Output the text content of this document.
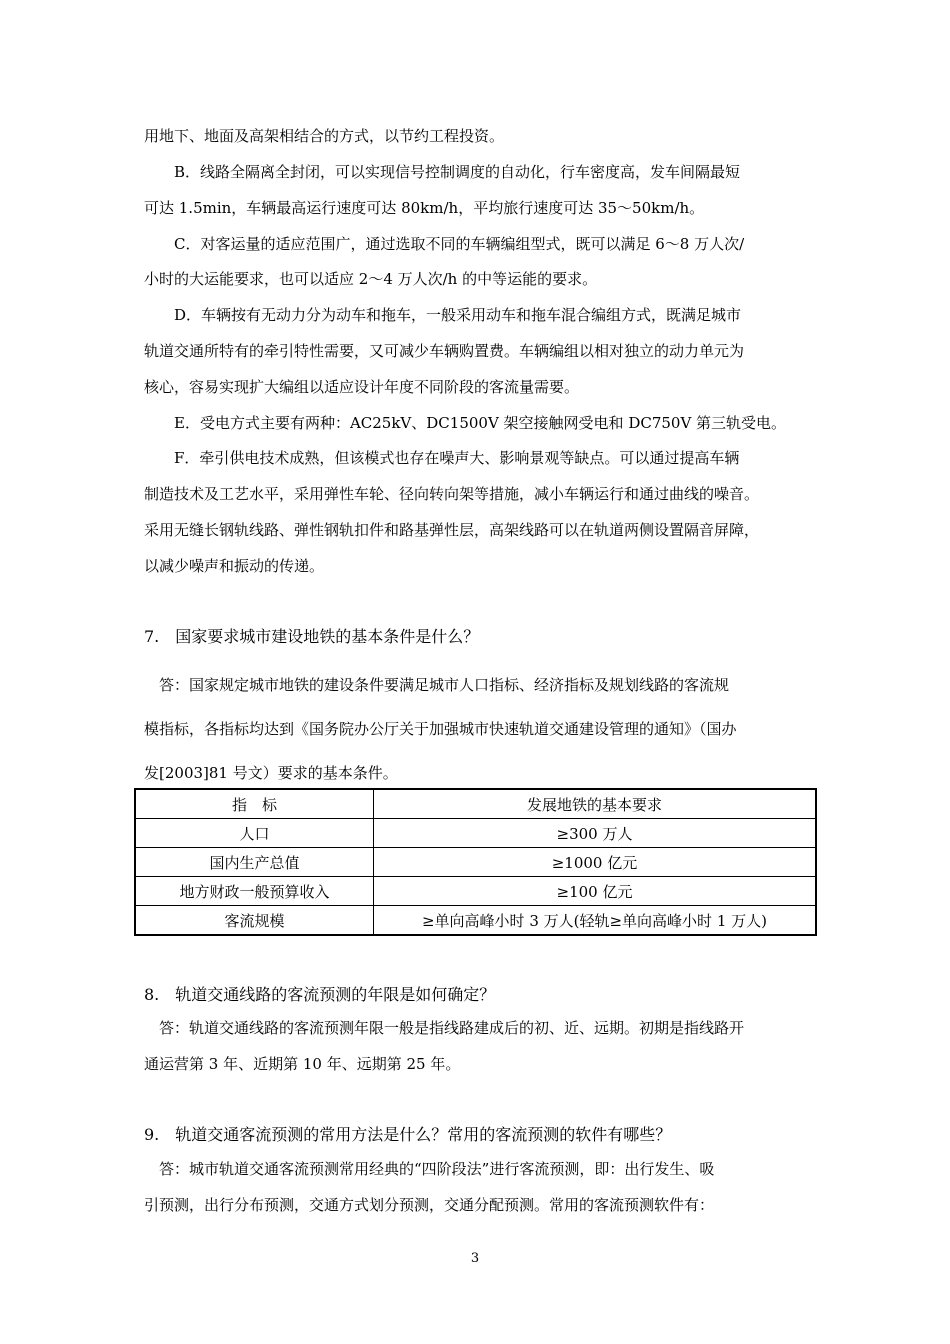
用地下、地面及高架相结合的方式，以节约工程投资。
　　B．线路全隔离全封闭，可以实现信号控制调度的自动化，行车密度高，发车间隔最短
可达 1.5min，车辆最高运行速度可达 80km/h，平均旅行速度可达 35～50km/h。
　　C．对客运量的适应范围广，通过选取不同的车辆编组型式，既可以满足 6～8 万人次/
小时的大运能要求，也可以适应 2～4 万人次/h 的中等运能的要求。
　　D．车辆按有无动力分为动车和拖车，一般采用动车和拖车混合编组方式，既满足城市
轨道交通所特有的牵引特性需要，又可减少车辆购置费。车辆编组以相对独立的动力单元为
核心，容易实现扩大编组以适应设计年度不同阶段的客流量需要。
　　E．受电方式主要有两种：AC25kV、DC1500V 架空接触网受电和 DC750V 第三轨受电。
　　F．牵引供电技术成熟，但该模式也存在噪声大、影响景观等缺点。可以通过提高车辆
制造技术及工艺水平，采用弹性车轮、径向转向架等措施，减小车辆运行和通过曲线的噪音。
采用无缝长钢轨线路、弹性钢轨扣件和路基弹性层，高架线路可以在轨道两侧设置隔音屏障，
以减少噪声和振动的传递。
7.　国家要求城市建设地铁的基本条件是什么？
　答：国家规定城市地铁的建设条件要满足城市人口指标、经济指标及规划线路的客流规
模指标，各指标均达到《国务院办公厅关于加强城市快速轨道交通建设管理的通知》（国办
发[2003]81 号文）要求的基本条件。
指　标	发展地铁的基本要求
人口	≥300 万人
国内生产总值	≥1000 亿元
地方财政一般预算收入	≥100 亿元
客流规模	≥单向高峰小时 3 万人(轻轨≥单向高峰小时 1 万人)
8.　轨道交通线路的客流预测的年限是如何确定？
　答：轨道交通线路的客流预测年限一般是指线路建成后的初、近、远期。初期是指线路开
通运营第 3 年、近期第 10 年、远期第 25 年。
9.　轨道交通客流预测的常用方法是什么？常用的客流预测的软件有哪些？
　答：城市轨道交通客流预测常用经典的“四阶段法”进行客流预测，即：出行发生、吸
引预测，出行分布预测，交通方式划分预测，交通分配预测。常用的客流预测软件有：
3
